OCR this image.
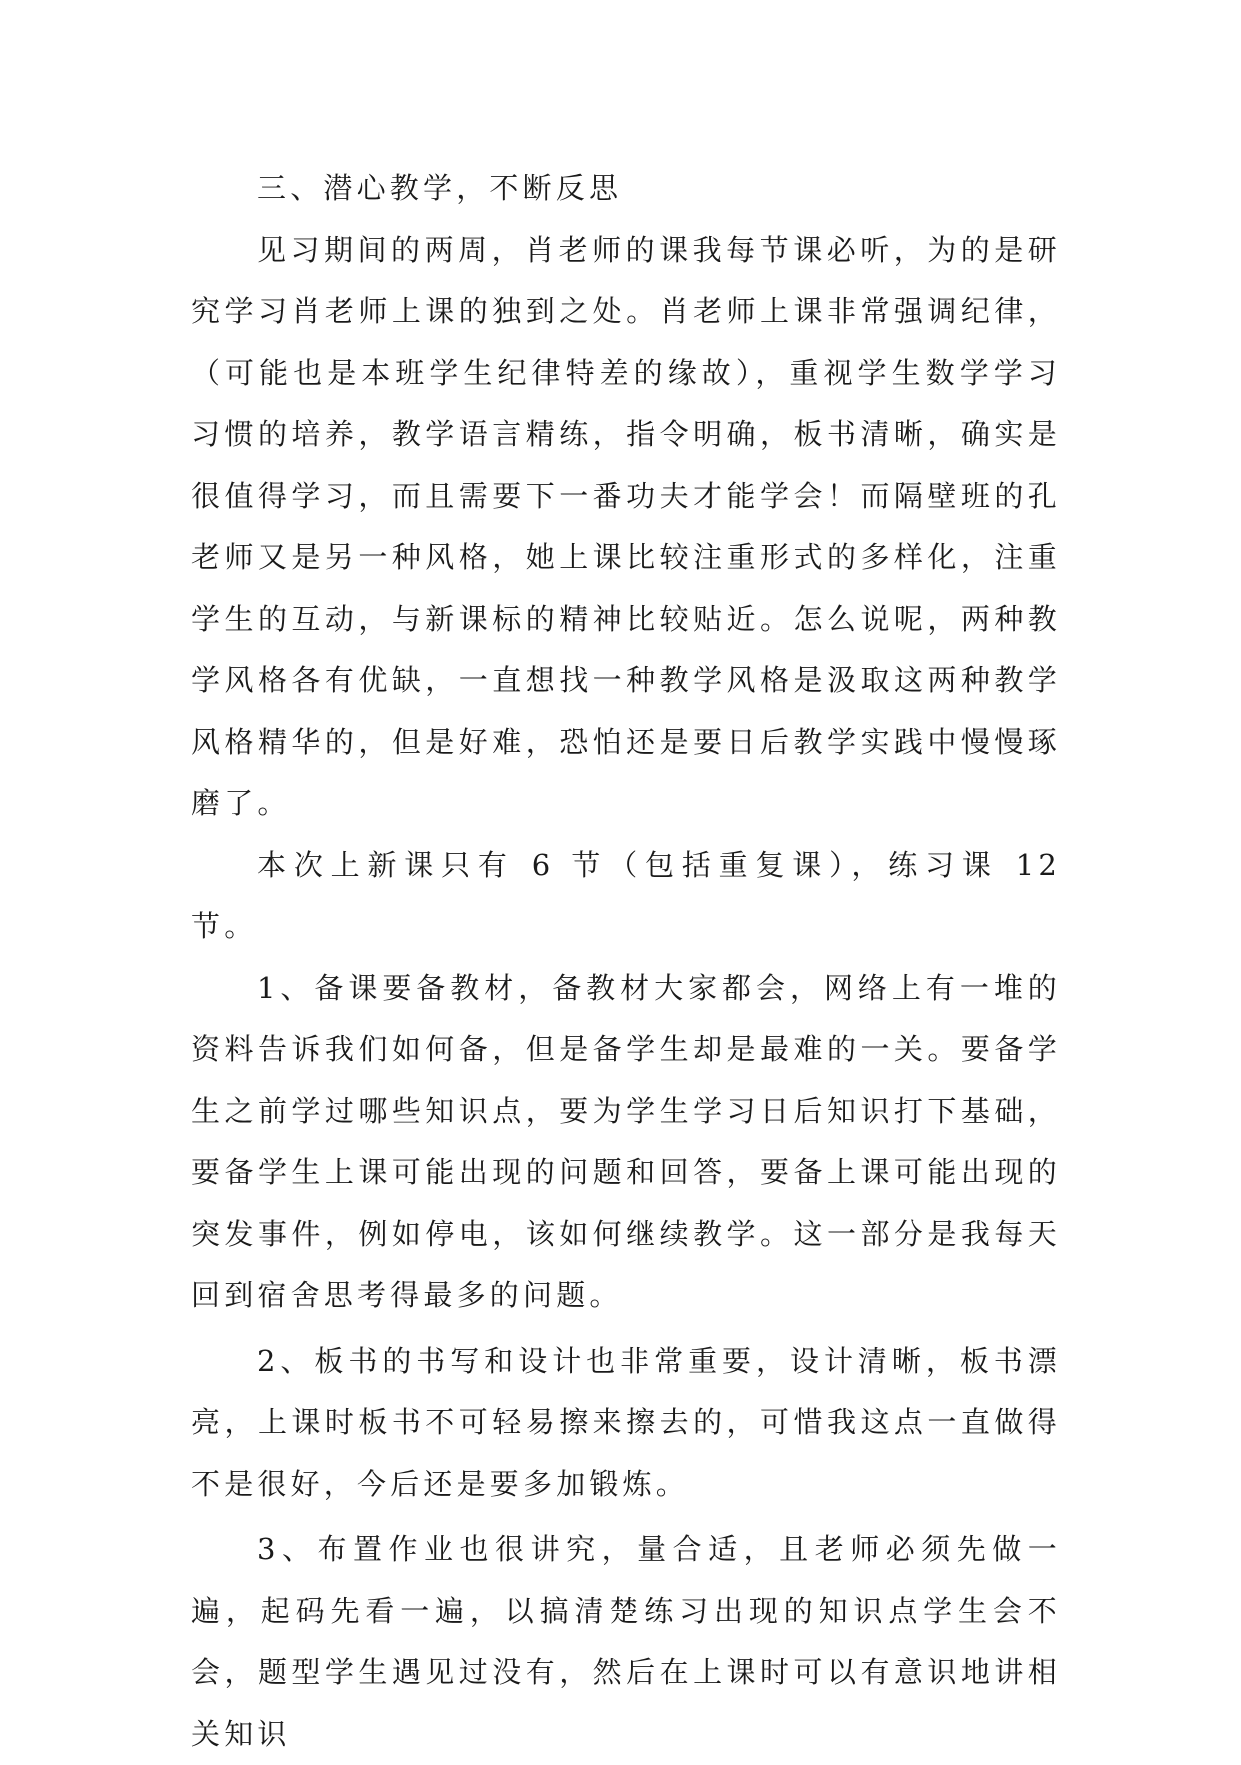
三、潜心教学，不断反思

见习期间的两周，肖老师的课我每节课必听，为的是研究学习肖老师上课的独到之处。肖老师上课非常强调纪律，（可能也是本班学生纪律特差的缘故），重视学生数学学习习惯的培养，教学语言精练，指令明确，板书清晰，确实是很值得学习，而且需要下一番功夫才能学会！而隔壁班的孔老师又是另一种风格，她上课比较注重形式的多样化，注重学生的互动，与新课标的精神比较贴近。怎么说呢，两种教学风格各有优缺，一直想找一种教学风格是汲取这两种教学风格精华的，但是好难，恐怕还是要日后教学实践中慢慢琢磨了。

本次上新课只有 6 节（包括重复课），练习课 12 节。

1、备课要备教材，备教材大家都会，网络上有一堆的资料告诉我们如何备，但是备学生却是最难的一关。要备学生之前学过哪些知识点，要为学生学习日后知识打下基础，要备学生上课可能出现的问题和回答，要备上课可能出现的突发事件，例如停电，该如何继续教学。这一部分是我每天回到宿舍思考得最多的问题。

2、板书的书写和设计也非常重要，设计清晰，板书漂亮，上课时板书不可轻易擦来擦去的，可惜我这点一直做得不是很好，今后还是要多加锻炼。

3、布置作业也很讲究，量合适，且老师必须先做一遍，起码先看一遍，以搞清楚练习出现的知识点学生会不会，题型学生遇见过没有，然后在上课时可以有意识地讲相关知识
